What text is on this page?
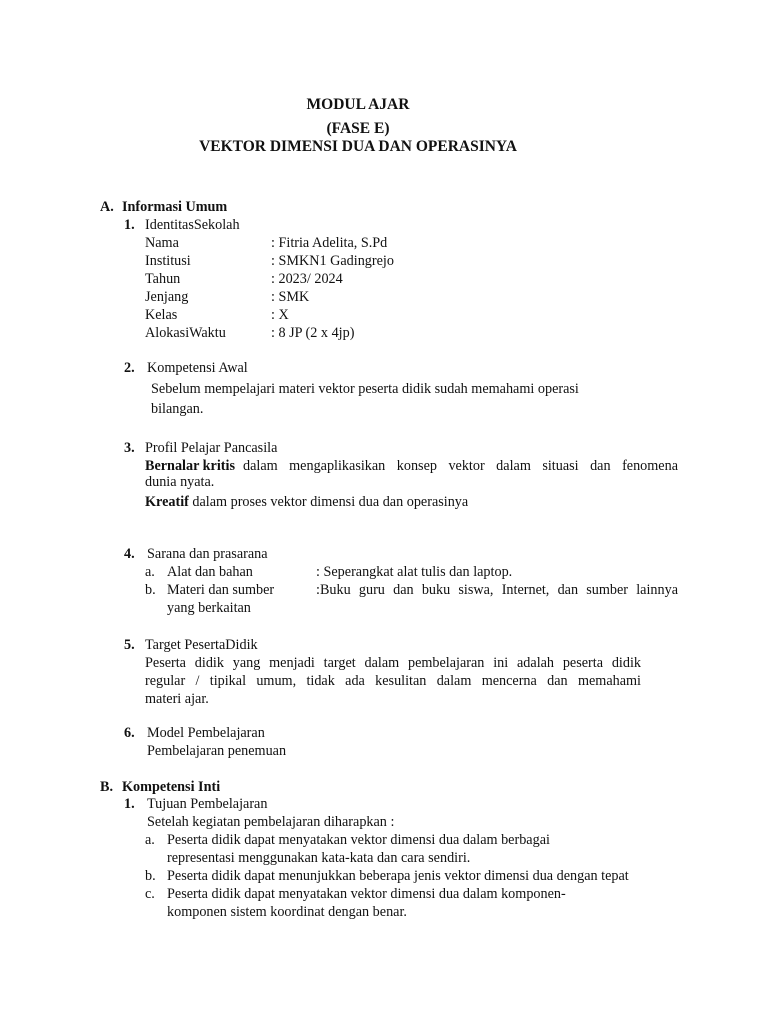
MODUL AJAR
(FASE E)
VEKTOR DIMENSI DUA DAN OPERASINYA
A. Informasi Umum
1. IdentitasSekolah
Nama	: Fitria Adelita, S.Pd
Institusi	: SMKN1 Gadingrejo
Tahun	: 2023/ 2024
Jenjang	: SMK
Kelas	: X
AlokasiWaktu	: 8 JP (2 x 4jp)
2. Kompetensi Awal
Sebelum mempelajari materi vektor peserta didik sudah memahami operasi
bilangan.
3. Profil Pelajar Pancasila
Bernalar kritis dalam mengaplikasikan konsep vektor dalam situasi dan fenomena
dunia nyata.
Kreatif dalam proses vektor dimensi dua dan operasinya
4. Sarana dan prasarana
a. Alat dan bahan	: Seperangkat alat tulis dan laptop.
b. Materi dan sumber	:Buku guru dan buku siswa, Internet, dan sumber lainnya
yang berkaitan
5. Target PesertaDidik
Peserta didik yang menjadi target dalam pembelajaran ini adalah peserta didik
regular / tipikal umum, tidak ada kesulitan dalam mencerna dan memahami
materi ajar.
6. Model Pembelajaran
Pembelajaran penemuan
B. Kompetensi Inti
1. Tujuan Pembelajaran
Setelah kegiatan pembelajaran diharapkan :
a. Peserta didik dapat menyatakan vektor dimensi dua dalam berbagai
representasi menggunakan kata-kata dan cara sendiri.
b. Peserta didik dapat menunjukkan beberapa jenis vektor dimensi dua dengan tepat
c. Peserta didik dapat menyatakan vektor dimensi dua dalam komponen-
komponen sistem koordinat dengan benar.
